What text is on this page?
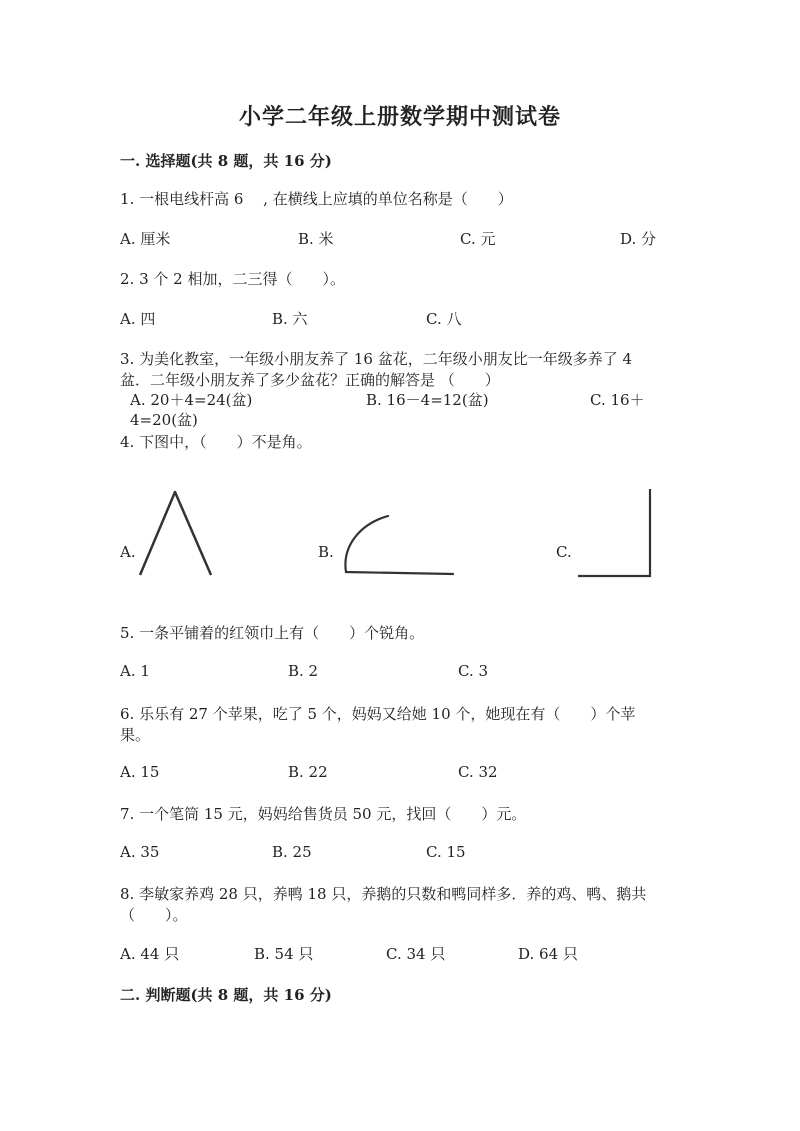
小学二年级上册数学期中测试卷
一. 选择题(共 8 题，共 16 分)
1. 一根电线杆高 6　 , 在横线上应填的单位名称是（　　）
A. 厘米	B. 米	C. 元	D. 分
2. 3 个 2 相加，二三得（　　）。
A. 四	B. 六	C. 八
3. 为美化教室，一年级小朋友养了 16 盆花，二年级小朋友比一年级多养了 4
盆．二年级小朋友养了多少盆花？正确的解答是 （　　）
A. 20＋4=24(盆)	B. 16－4=12(盆)	C. 16＋
4=20(盆)
4. 下图中，（　　）不是角。
A.	B.	C.
5. 一条平铺着的红领巾上有（　　）个锐角。
A. 1	B. 2	C. 3
6. 乐乐有 27 个苹果，吃了 5 个，妈妈又给她 10 个，她现在有（　　）个苹
果。
A. 15	B. 22	C. 32
7. 一个笔筒 15 元，妈妈给售货员 50 元，找回（　　）元。
A. 35	B. 25	C. 15
8. 李敏家养鸡 28 只，养鸭 18 只，养鹅的只数和鸭同样多．养的鸡、鸭、鹅共
（　　）。
A. 44 只	B. 54 只	C. 34 只	D. 64 只
二. 判断题(共 8 题，共 16 分)
